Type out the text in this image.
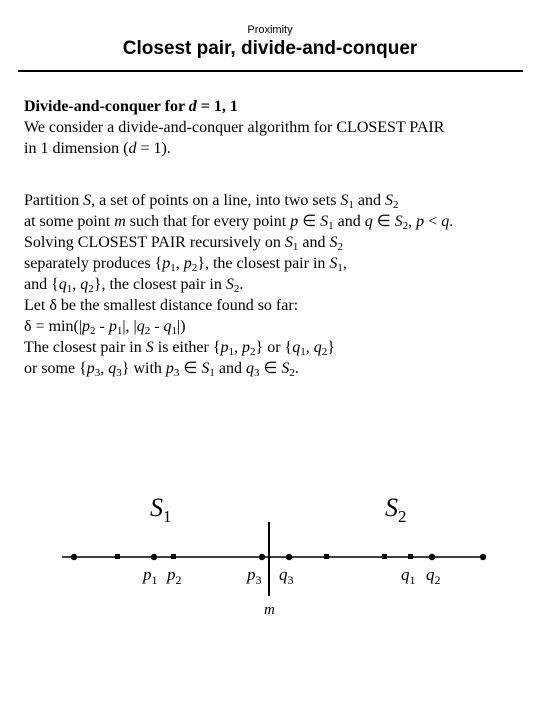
Proximity
Closest pair, divide-and-conquer
Divide-and-conquer for d = 1, 1
We consider a divide-and-conquer algorithm for CLOSEST PAIR
in 1 dimension (d = 1).
Partition S, a set of points on a line, into two sets $S_1$ and $S_2$
at some point m such that for every point p ∈ $S_1$ and q ∈ $S_2$, p < q.
Solving CLOSEST PAIR recursively on $S_1$ and $S_2$
separately produces {$p_1$, $p_2$}, the closest pair in $S_1$,
and {$q_1$, $q_2$}, the closest pair in $S_2$.
Let δ be the smallest distance found so far:
$\delta = \min(|p_2 - p_1|$, $|q_2 - q_1|$)
The closest pair in S is either {$p_1$, $p_2$} or {$q_1$, $q_2$}
or some {$p_3$, $q_3$} with $p_3$ ∈ $S_1$ and $q_3$ ∈ $S_2$.
$S_1$	$S_2$
$p_1$ $p_2$	$p_3$ $q_3$	$q_1$ $q_2$
m
